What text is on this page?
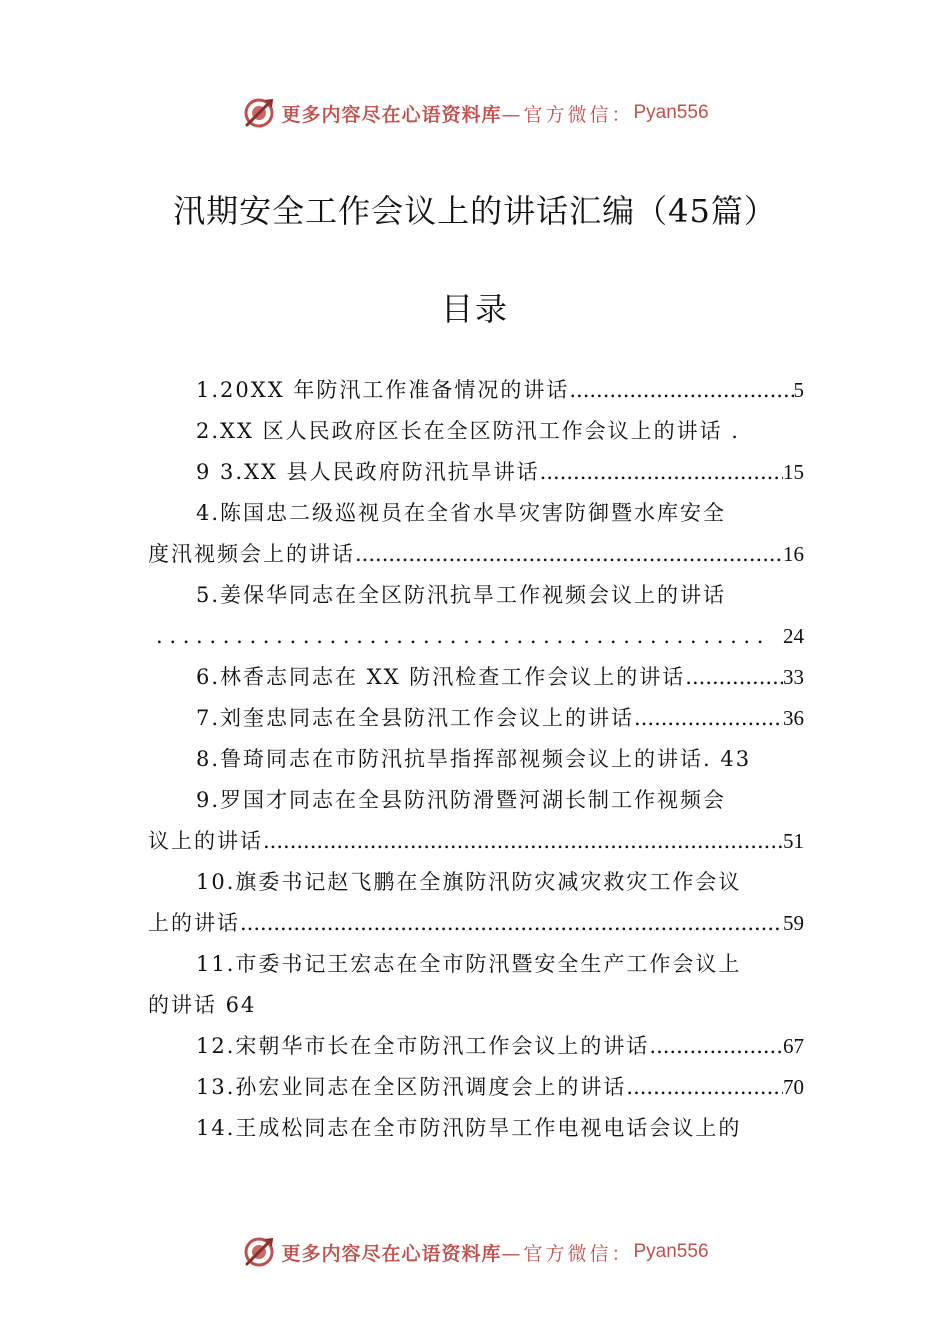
更多内容尽在心语资料库 —官方微信： Pyan556
汛期安全工作会议上的讲话汇编（45篇）
目录
1.20XX 年防汛工作准备情况的讲话 .....	5
2.XX 区人民政府区长在全区防汛工作会议上的讲话 .
9 3.XX 县人民政府防汛抗旱讲话 .....	15
4.陈国忠二级巡视员在全省水旱灾害防御暨水库安全
度汛视频会上的讲话 .....	16
5.姜保华同志在全区防汛抗旱工作视频会议上的讲话
. . .
24
6.林香志同志在 XX 防汛检查工作会议上的讲话 .....	33
7.刘奎忠同志在全县防汛工作会议上的讲话 .....	36
8.鲁琦同志在市防汛抗旱指挥部视频会议上的讲话. 43
9.罗国才同志在全县防汛防滑暨河湖长制工作视频会
议上的讲话 .....	51
10.旗委书记赵飞鹏在全旗防汛防灾减灾救灾工作会议
上的讲话 .....	59
11.市委书记王宏志在全市防汛暨安全生产工作会议上
的讲话 64
12.宋朝华市长在全市防汛工作会议上的讲话 .....	67
13.孙宏业同志在全区防汛调度会上的讲话 .....	70
14.王成松同志在全市防汛防旱工作电视电话会议上的
更多内容尽在心语资料库 —官方微信： Pyan556
